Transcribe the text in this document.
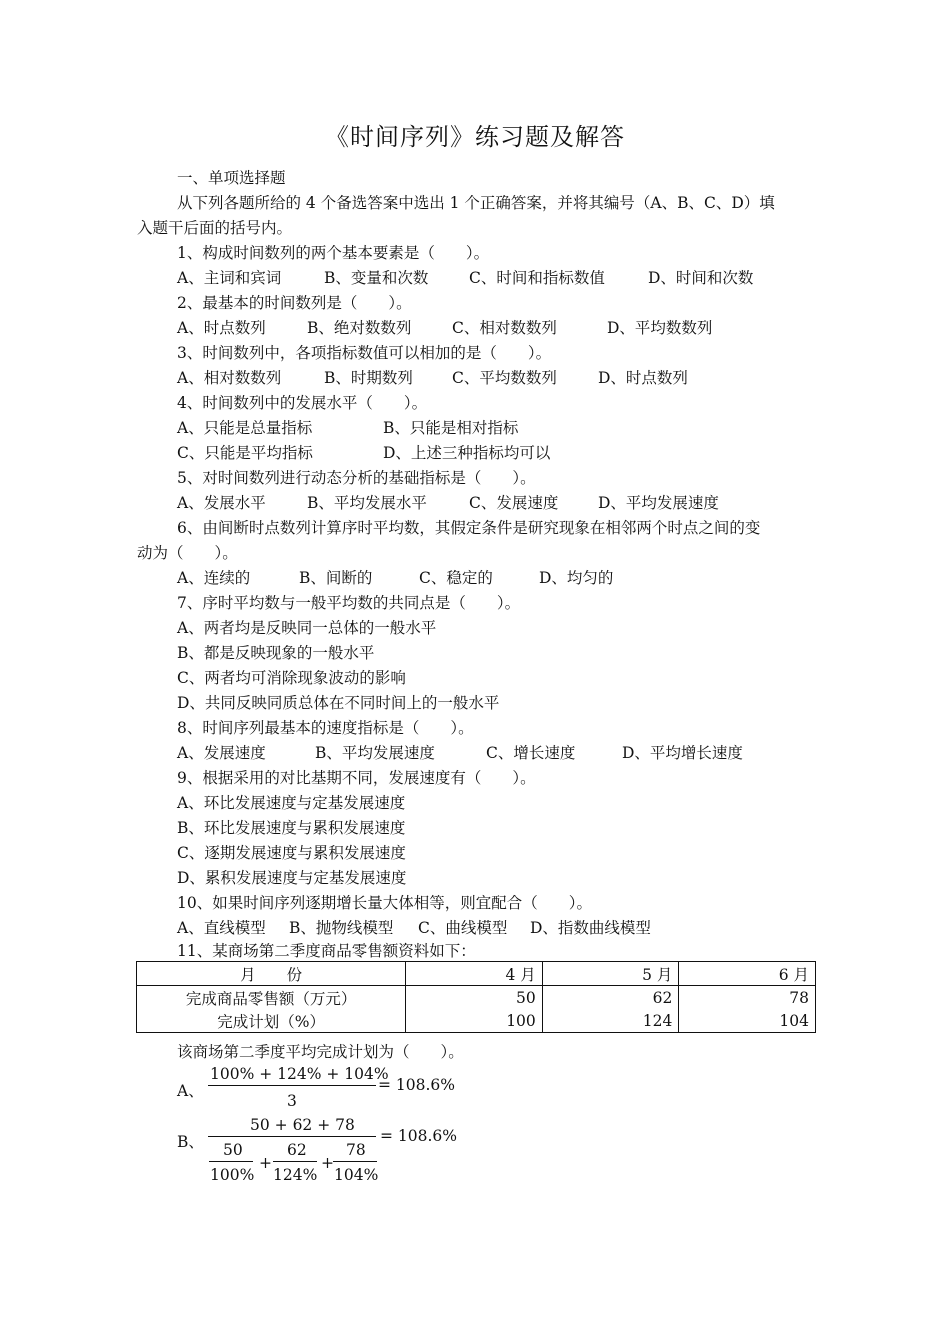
《时间序列》练习题及解答
一、单项选择题
从下列各题所给的 4 个备选答案中选出 1 个正确答案，并将其编号（A、B、C、D）填
入题干后面的括号内。
1、构成时间数列的两个基本要素是（　　）。
A、主词和宾词	B、变量和次数	C、时间和指标数值	D、时间和次数
2、最基本的时间数列是（　　）。
A、时点数列	B、绝对数数列	C、相对数数列	D、平均数数列
3、时间数列中，各项指标数值可以相加的是（　　）。
A、相对数数列	B、时期数列	C、平均数数列	D、时点数列
4、时间数列中的发展水平（　　）。
A、只能是总量指标	B、只能是相对指标
C、只能是平均指标	D、上述三种指标均可以
5、对时间数列进行动态分析的基础指标是（　　）。
A、发展水平	B、平均发展水平	C、发展速度	D、平均发展速度
6、由间断时点数列计算序时平均数，其假定条件是研究现象在相邻两个时点之间的变
动为（　　）。
A、连续的	B、间断的	C、稳定的	D、均匀的
7、序时平均数与一般平均数的共同点是（　　）。
A、两者均是反映同一总体的一般水平
B、都是反映现象的一般水平
C、两者均可消除现象波动的影响
D、共同反映同质总体在不同时间上的一般水平
8、时间序列最基本的速度指标是（　　）。
A、发展速度	B、平均发展速度	C、增长速度	D、平均增长速度
9、根据采用的对比基期不同，发展速度有（　　）。
A、环比发展速度与定基发展速度
B、环比发展速度与累积发展速度
C、逐期发展速度与累积发展速度
D、累积发展速度与定基发展速度
10、如果时间序列逐期增长量大体相等，则宜配合（　　）。
A、直线模型 B、抛物线模型 C、曲线模型 D、指数曲线模型
11、某商场第二季度商品零售额资料如下：
月　　份	4 月	5 月	6 月
完成商品零售额（万元）	50	62	78
完成计划（%）	100	124	104
该商场第二季度平均完成计划为（　　）。
A、
100% + 124% + 104%
3
= 108.6%
B、
50 + 62 + 78
= 108.6%
50	62	78
+	+
100% 124% 104%
